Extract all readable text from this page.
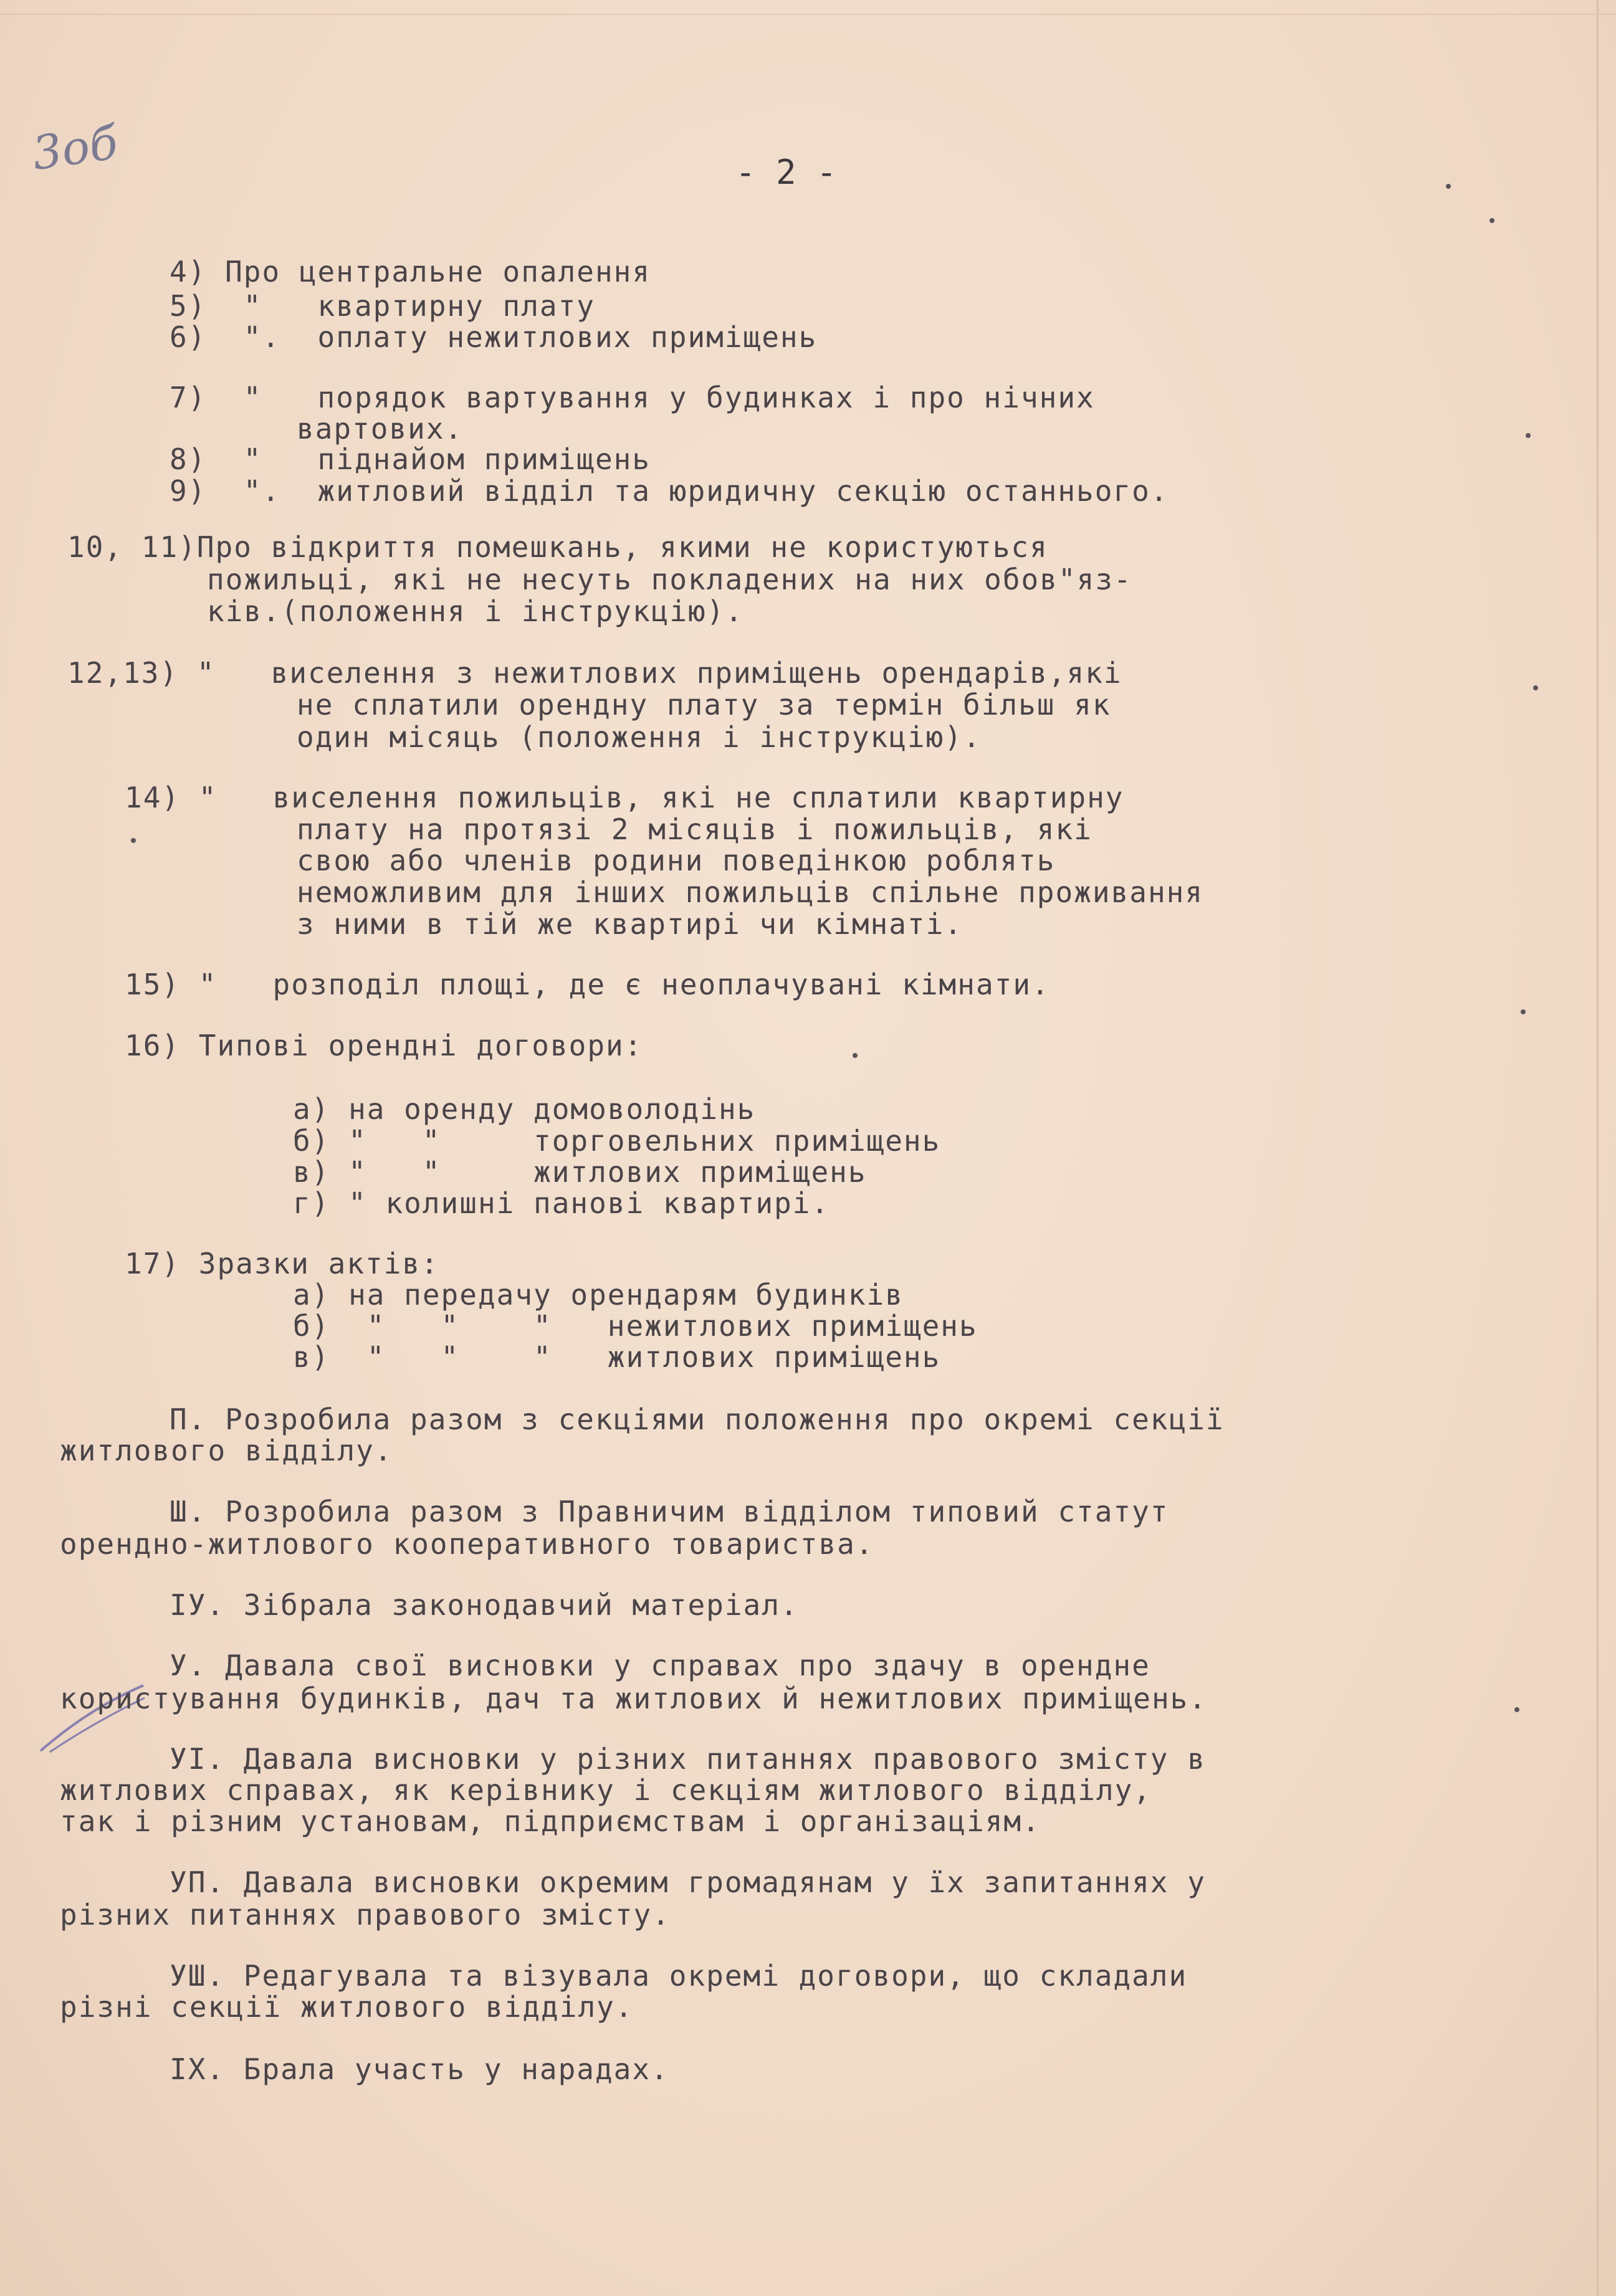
3об	- 2 -
4) Про центральне опалення
5)  "   квартирну плату
6)  ".  оплату нежитлових приміщень
7)  "   порядок вартування у будинках і про нічних
вартових.
8)  "   піднайом приміщень
9)  ".  житловий відділ та юридичну секцію останнього.
10, 11)Про відкриття помешкань, якими не користуються
пожильці, які не несуть покладених на них обов"яз-
ків.(положення і інструкцію).
12,13) "   виселення з нежитлових приміщень орендарів,які
не сплатили орендну плату за термін більш як
один місяць (положення і інструкцію).
14) "   виселення пожильців, які не сплатили квартирну
плату на протязі 2 місяців і пожильців, які
свою або членів родини поведінкою роблять
неможливим для інших пожильців спільне проживання
з ними в тій же квартирі чи кімнаті.
15) "   розподіл площі, де є неоплачувані кімнати.
16) Типові орендні договори:
а) на оренду домоволодінь
б) "   "     торговельних приміщень
в) "   "     житлових приміщень
г) " колишні панові квартирі.
17) Зразки актів:
а) на передачу орендарям будинків
б)  "   "    "   нежитлових приміщень
в)  "   "    "   житлових приміщень
П. Розробила разом з секціями положення про окремі секції
житлового відділу.
Ш. Розробила разом з Правничим відділом типовий статут
орендно-житлового кооперативного товариства.
ІУ. Зібрала законодавчий матеріал.
У. Давала свої висновки у справах про здачу в орендне
користування будинків, дач та житлових й нежитлових приміщень.
УІ. Давала висновки у різних питаннях правового змісту в
житлових справах, як керівнику і секціям житлового відділу,
так і різним установам, підприємствам і організаціям.
УП. Давала висновки окремим громадянам у їх запитаннях у
різних питаннях правового змісту.
УШ. Редагувала та візувала окремі договори, що складали
різні секції житлового відділу.
ІХ. Брала участь у нарадах.
